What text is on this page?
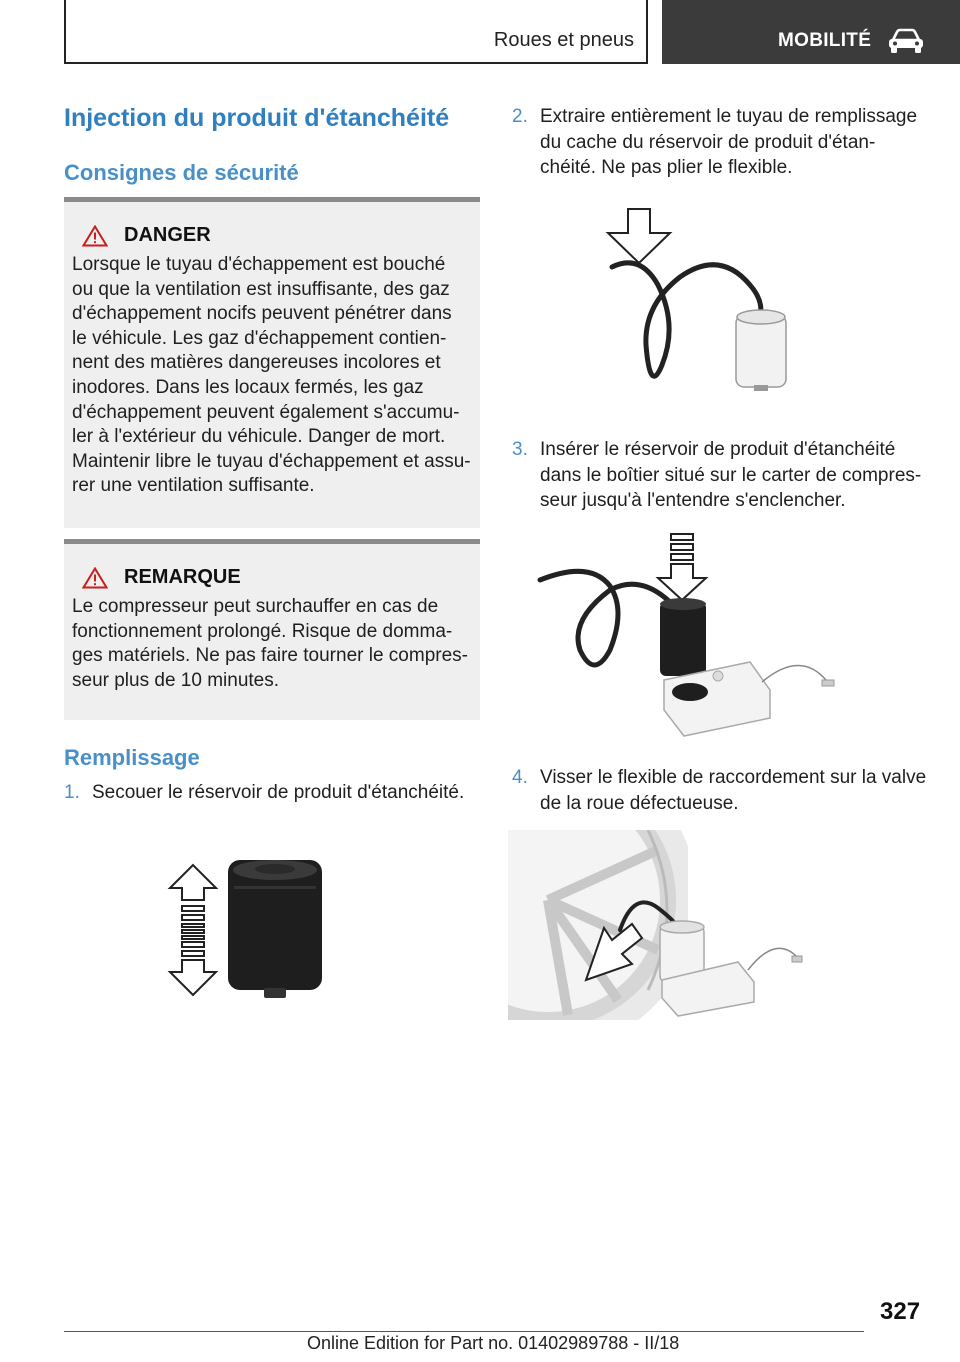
Roues et pneus	MOBILITÉ
Injection du produit d'étanchéité
Consignes de sécurité
DANGER
Lorsque le tuyau d'échappement est bouché
ou que la ventilation est insuffisante, des gaz
d'échappement nocifs peuvent pénétrer dans
le véhicule. Les gaz d'échappement contien‐
nent des matières dangereuses incolores et
inodores. Dans les locaux fermés, les gaz
d'échappement peuvent également s'accumu‐
ler à l'extérieur du véhicule. Danger de mort.
Maintenir libre le tuyau d'échappement et assu‐
rer une ventilation suffisante.
REMARQUE
Le compresseur peut surchauffer en cas de
fonctionnement prolongé. Risque de domma‐
ges matériels. Ne pas faire tourner le compres‐
seur plus de 10 minutes.
Remplissage
1. Secouer le réservoir de produit d'étanchéité.
2. Extraire entièrement le tuyau de remplissage
du cache du réservoir de produit d'étan‐
chéité. Ne pas plier le flexible.
3. Insérer le réservoir de produit d'étanchéité
dans le boîtier situé sur le carter de compres‐
seur jusqu'à l'entendre s'enclencher.
4. Visser le flexible de raccordement sur la valve
de la roue défectueuse.
327
Online Edition for Part no. 01402989788 - II/18
